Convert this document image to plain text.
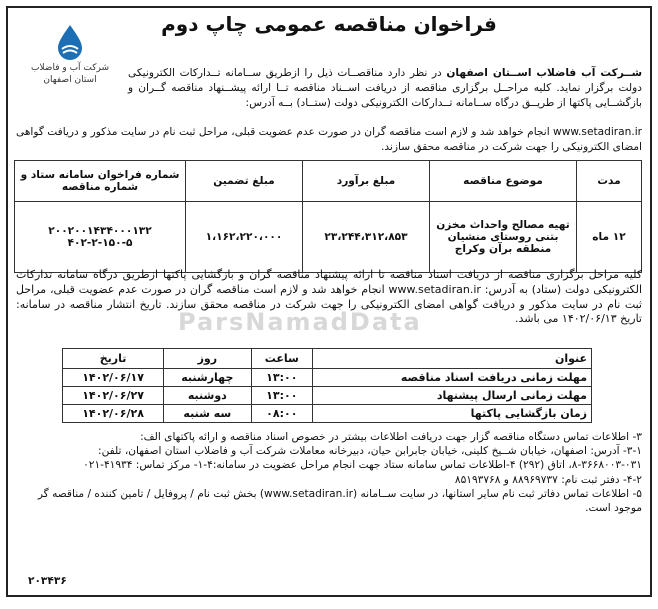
ParsNamadData
فراخوان مناقصه عمومی چاپ دوم
شرکت آب و فاضلاب
استان اصفهان
شــرکت آب فاضلاب اســتان اصفهان در نظر دارد مناقصــات ذیل را ازطریق ســامانه تــدارکات الکترونیکی دولت برگزار نماید. کلیه مراحــل برگزاری مناقصه از دریافت اســناد مناقصه تــا ارائه پیشــنهاد مناقصه گــران و بازگشــایی پاکتها از طریــق درگاه ســامانه تــدارکات الکترونیکی دولت (ستــاد) بــه آدرس:
www.setadiran.ir انجام خواهد شد و لازم است مناقصه گران در صورت عدم عضویت قبلی، مراحل ثبت نام در سایت مذکور و دریافت گواهی امضای الکترونیکی را جهت شرکت در مناقصه محقق سازند.
مدت	موضوع مناقصه	مبلغ برآورد	مبلغ تضمین	شماره فراخوان سامانه ستاد و شماره مناقصه
۱۲ ماه	تهیه مصالح واحداث مخزن بتنی روستای منشیان منطقه برآن وکراج	۲۳،۲۴۴،۳۱۲،۸۵۳	۱،۱۶۲،۲۲۰،۰۰۰	۲۰۰۲۰۰۱۴۳۴۰۰۰۱۳۲
۴۰۲-۲-۱۵۰-۵
کلیه مراحل برگزاری مناقصه از دریافت اسناد مناقصه تا ارائه پیشنهاد مناقصه گران و بازگشایی پاکتها ازطریق درگاه سامانه تدارکات الکترونیکی دولت (ستاد) به آدرس: www.setadiran.ir انجام خواهد شد و لازم است مناقصه گران در صورت عدم عضویت قبلی، مراحل ثبت نام در سایت مذکور و دریافت گواهی امضای الکترونیکی را جهت شرکت در مناقصه محقق سازند. تاریخ انتشار مناقصه در سامانه: تاریخ ۱۴۰۲/۰۶/۱۳ می باشد.
عنوان	ساعت	روز	تاریخ
مهلت زمانی دریافت اسناد مناقصه	۱۳:۰۰	چهارشنبه	۱۴۰۲/۰۶/۱۷
مهلت زمانی ارسال پیشنهاد	۱۳:۰۰	دوشنبه	۱۴۰۲/۰۶/۲۷
زمان بازگشایی پاکتها	۰۸:۰۰	سه شنبه	۱۴۰۲/۰۶/۲۸

۳- اطلاعات تماس دستگاه مناقصه گزار جهت دریافت اطلاعات بیشتر در خصوص اسناد مناقصه و ارائه پاکتهای الف:

۳-۱- آدرس: اصفهان، خیابان شــیخ کلینی، خیابان جابرابن حیان، دبیرخانه معاملات شرکت آب و فاضلاب استان اصفهان، تلفن:

۸-۳۶۶۸۰۰۳-۰۳۱، اتاق (۲۹۲) ۴-اطلاعات تماس سامانه ستاد جهت انجام مراحل عضویت در سامانه:۴-۱- مرکز تماس: ۴۱۹۳۴-۰۲۱

۴-۲- دفتر ثبت نام: ۸۸۹۶۹۷۳۷ و ۸۵۱۹۳۷۶۸

۵- اطلاعات تماس دفاتر ثبت نام سایر استانها، در سایت ســامانه (www.setadiran.ir) بخش ثبت نام / پروفایل / تامین کننده / مناقصه گر موجود است.

۲۰۳۴۳۶
